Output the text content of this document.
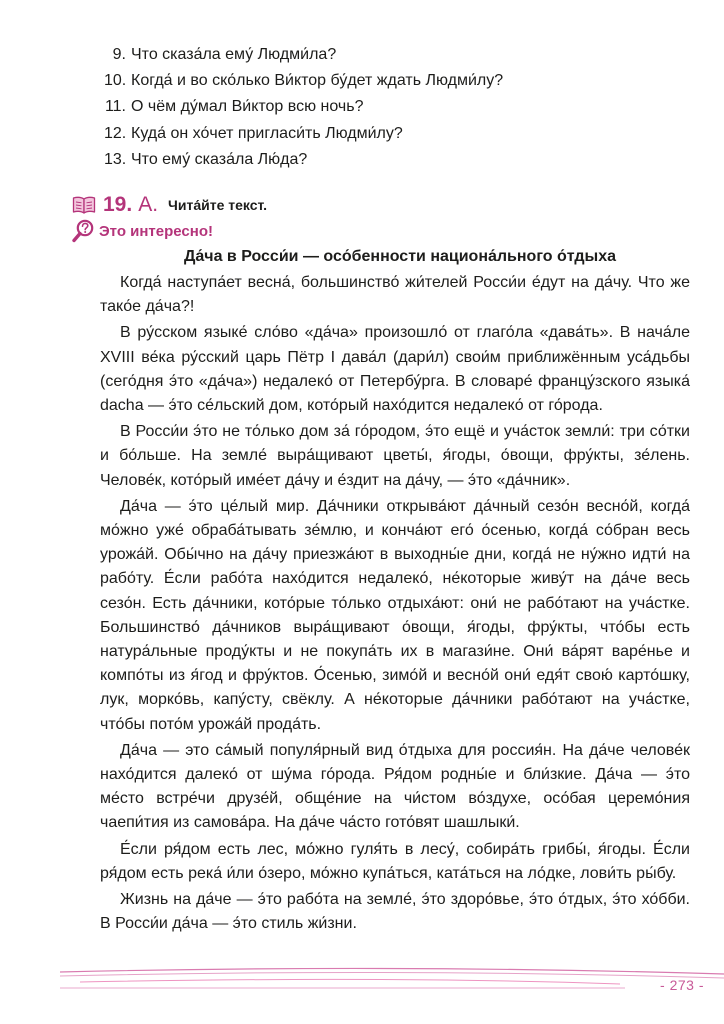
9. Что сказа́ла ему́ Людми́ла?
10. Когда́ и во ско́лько Ви́ктор бу́дет ждать Людми́лу?
11. О чём ду́мал Ви́ктор всю ночь?
12. Куда́ он хо́чет пригласи́ть Людми́лу?
13. Что ему́ сказа́ла Лю́да?
19. А. Чита́йте текст.
Это интересно!
Да́ча в Росси́и — осо́бенности национа́льного о́тдыха

Когда́ наступа́ет весна́, большинство́ жи́телей Росси́и е́дут на да́чу. Что же тако́е да́ча?!

В ру́сском языке́ сло́во «да́ча» произошло́ от глаго́ла «дава́ть». В нача́ле XVIII ве́ка ру́сский царь Пётр I дава́л (дари́л) свои́м приближённым уса́дьбы (сего́дня э́то «да́ча») недалеко́ от Петербу́рга. В словаре́ францу́зского языка́ dacha — э́то се́льский дом, кото́рый нахо́дится недалеко́ от го́рода.

В Росси́и э́то не то́лько дом за́ го́родом, э́то ещё и уча́сток земли́: три со́тки и бо́льше. На земле́ выра́щивают цветы́, я́годы, о́вощи, фру́кты, зе́лень. Челове́к, кото́рый име́ет да́чу и е́здит на да́чу, — э́то «да́чник».

Да́ча — э́то це́лый мир. Да́чники открыва́ют да́чный сезо́н весно́й, когда́ мо́жно уже́ обраба́тывать зе́млю, и конча́ют его́ о́сенью, когда́ со́бран весь урожа́й. Обы́чно на да́чу приезжа́ют в выходны́е дни, когда́ не ну́жно идти́ на рабо́ту. Е́сли рабо́та нахо́дится недалеко́, не́которые живу́т на да́че весь сезо́н. Есть да́чники, кото́рые то́лько отдыха́ют: они́ не рабо́тают на уча́стке. Большинство́ да́чников выра́щивают о́вощи, я́годы, фру́кты, что́бы есть натура́льные проду́кты и не покупа́ть их в магази́не. Они́ ва́рят варе́нье и компо́ты из я́год и фру́ктов. О́сенью, зимо́й и весно́й они́ едя́т свою́ карто́шку, лук, морко́вь, капу́сту, свёклу. А не́которые да́чники рабо́тают на уча́стке, что́бы пото́м урожа́й прода́ть.

Да́ча — это са́мый популя́рный вид о́тдыха для россия́н. На да́че челове́к нахо́дится далеко́ от шу́ма го́рода. Ря́дом родны́е и бли́зкие. Да́ча — э́то ме́сто встре́чи друзе́й, обще́ние на чи́стом во́здухе, осо́бая церемо́ния чаепи́тия из самова́ра. На да́че ча́сто гото́вят шашлыки́.

Е́сли ря́дом есть лес, мо́жно гуля́ть в лесу́, собира́ть грибы́, я́годы. Е́сли ря́дом есть река́ и́ли о́зеро, мо́жно купа́ться, ката́ться на ло́дке, лови́ть ры́бу.

Жизнь на да́че — э́то рабо́та на земле́, э́то здоро́вье, э́то о́тдых, э́то хо́бби. В Росси́и да́ча — э́то стиль жи́зни.

- 273 -
